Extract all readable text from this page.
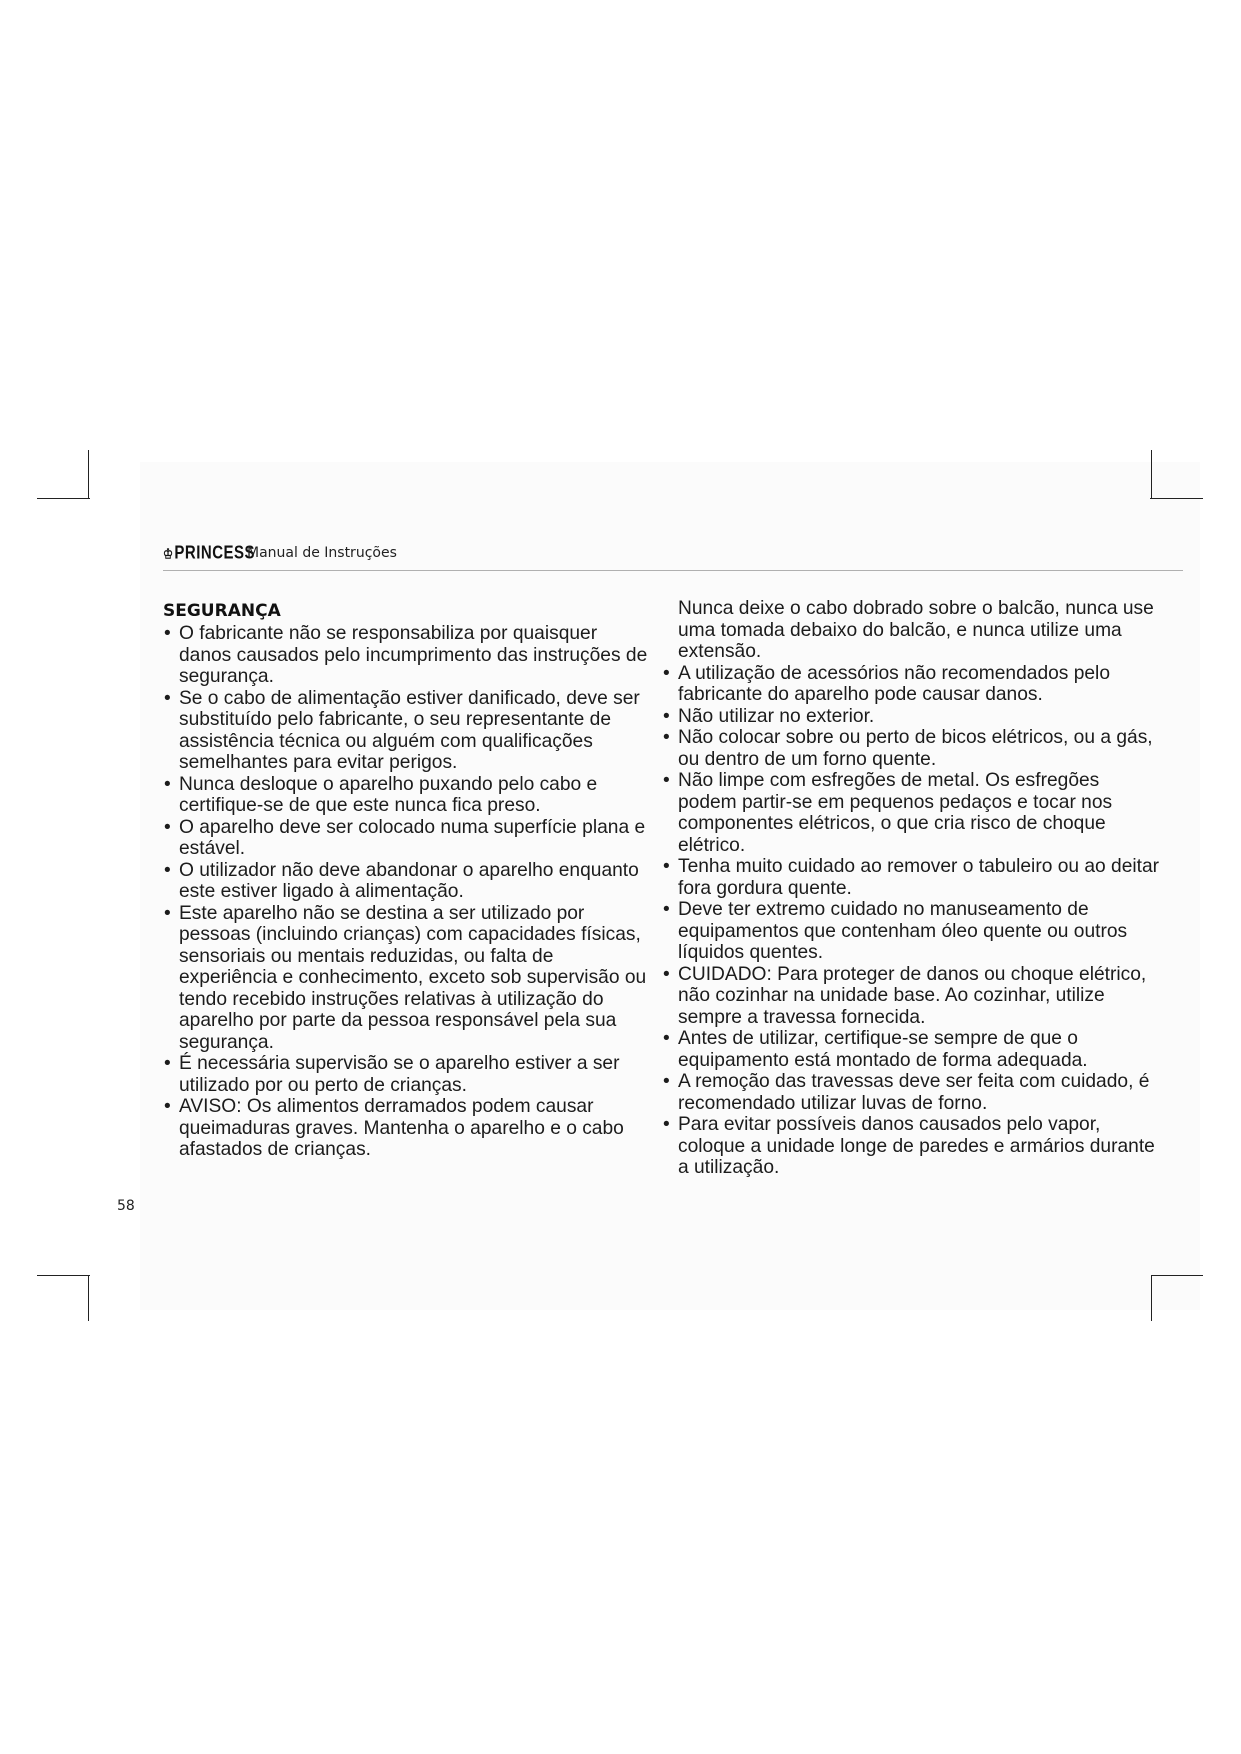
♔PRINCESS
Manual de Instruções
SEGURANÇA
• O fabricante não se responsabiliza por quaisquer danos causados pelo incumprimento das instruções de segurança.
• Se o cabo de alimentação estiver danificado, deve ser substituído pelo fabricante, o seu representante de assistência técnica ou alguém com qualificações semelhantes para evitar perigos.
• Nunca desloque o aparelho puxando pelo cabo e certifique-se de que este nunca fica preso.
• O aparelho deve ser colocado numa superfície plana e estável.
• O utilizador não deve abandonar o aparelho enquanto este estiver ligado à alimentação.
• Este aparelho não se destina a ser utilizado por pessoas (incluindo crianças) com capacidades físicas, sensoriais ou mentais reduzidas, ou falta de experiência e conhecimento, exceto sob supervisão ou tendo recebido instruções relativas à utilização do aparelho por parte da pessoa responsável pela sua segurança.
• É necessária supervisão se o aparelho estiver a ser utilizado por ou perto de crianças.
• AVISO: Os alimentos derramados podem causar queimaduras graves. Mantenha o aparelho e o cabo afastados de crianças.

Nunca deixe o cabo dobrado sobre o balcão, nunca use uma tomada debaixo do balcão, e nunca utilize uma extensão.

• A utilização de acessórios não recomendados pelo fabricante do aparelho pode causar danos.
• Não utilizar no exterior.
• Não colocar sobre ou perto de bicos elétricos, ou a gás, ou dentro de um forno quente.
• Não limpe com esfregões de metal. Os esfregões podem partir-se em pequenos pedaços e tocar nos componentes elétricos, o que cria risco de choque elétrico.
• Tenha muito cuidado ao remover o tabuleiro ou ao deitar fora gordura quente.
• Deve ter extremo cuidado no manuseamento de equipamentos que contenham óleo quente ou outros líquidos quentes.
• CUIDADO: Para proteger de danos ou choque elétrico, não cozinhar na unidade base. Ao cozinhar, utilize sempre a travessa fornecida.
• Antes de utilizar, certifique-se sempre de que o equipamento está montado de forma adequada.
• A remoção das travessas deve ser feita com cuidado, é recomendado utilizar luvas de forno.
• Para evitar possíveis danos causados pelo vapor, coloque a unidade longe de paredes e armários durante a utilização.
58
